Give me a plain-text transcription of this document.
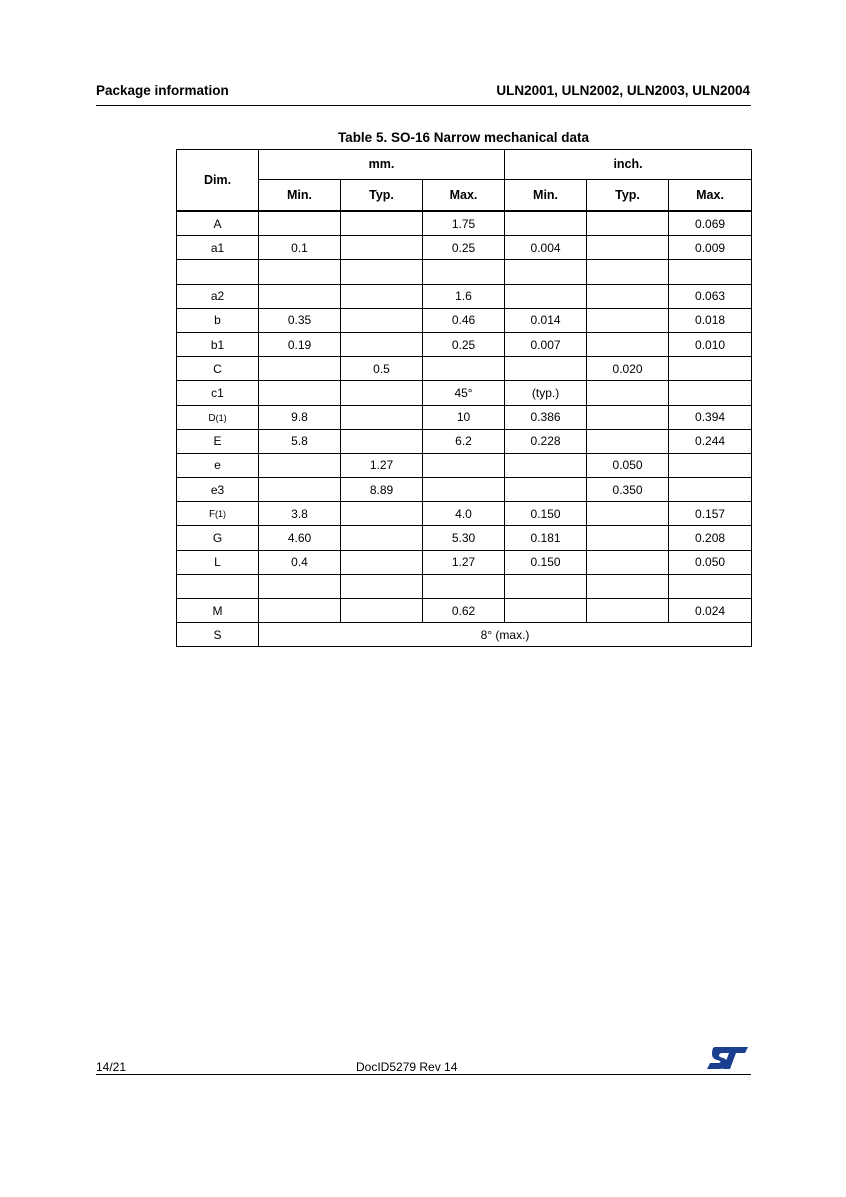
Package information	ULN2001, ULN2002, ULN2003, ULN2004
Table 5. SO-16 Narrow mechanical data
Dim.	mm.			inch.		
	Min.	Typ.	Max.	Min.	Typ.	Max.
A			1.75			0.069
a1	0.1		0.25	0.004		0.009

a2			1.6			0.063
b	0.35		0.46	0.014		0.018
b1	0.19		0.25	0.007		0.010
C		0.5			0.020	
c1			45°	(typ.)		
D(1)	9.8		10	0.386		0.394
E	5.8		6.2	0.228		0.244
e		1.27			0.050	
e3		8.89			0.350	
F(1)	3.8		4.0	0.150		0.157
G	4.60		5.30	0.181		0.208
L	0.4		1.27	0.150		0.050

M			0.62			0.024
S	8° (max.)					
14/21	DocID5279 Rev 14
